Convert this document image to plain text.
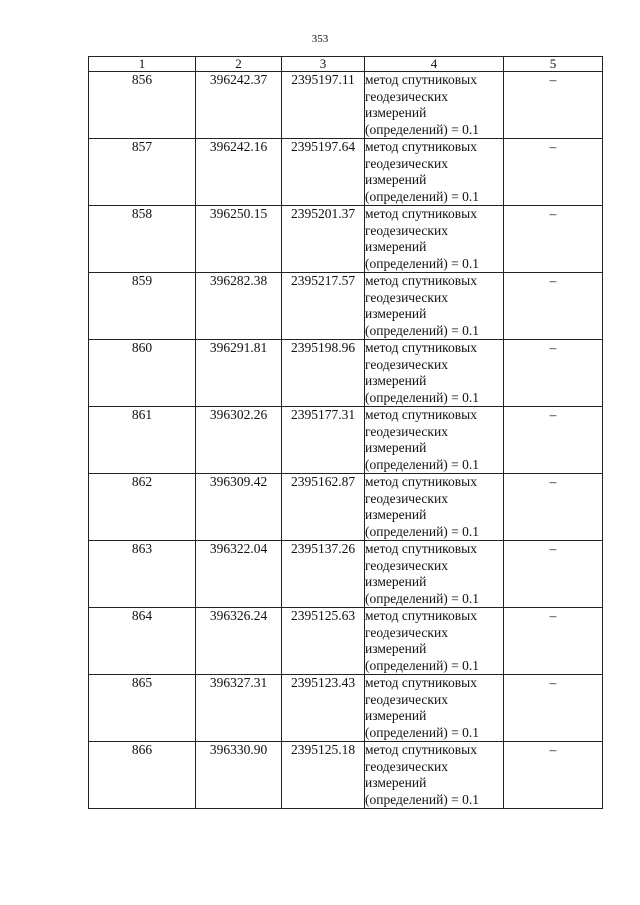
353
1	2	3	4	5
856	396242.37	2395197.11	метод спутниковых геодезических измерений (определений) = 0.1	–
857	396242.16	2395197.64	метод спутниковых геодезических измерений (определений) = 0.1	–
858	396250.15	2395201.37	метод спутниковых геодезических измерений (определений) = 0.1	–
859	396282.38	2395217.57	метод спутниковых геодезических измерений (определений) = 0.1	–
860	396291.81	2395198.96	метод спутниковых геодезических измерений (определений) = 0.1	–
861	396302.26	2395177.31	метод спутниковых геодезических измерений (определений) = 0.1	–
862	396309.42	2395162.87	метод спутниковых геодезических измерений (определений) = 0.1	–
863	396322.04	2395137.26	метод спутниковых геодезических измерений (определений) = 0.1	–
864	396326.24	2395125.63	метод спутниковых геодезических измерений (определений) = 0.1	–
865	396327.31	2395123.43	метод спутниковых геодезических измерений (определений) = 0.1	–
866	396330.90	2395125.18	метод спутниковых геодезических измерений (определений) = 0.1	–
